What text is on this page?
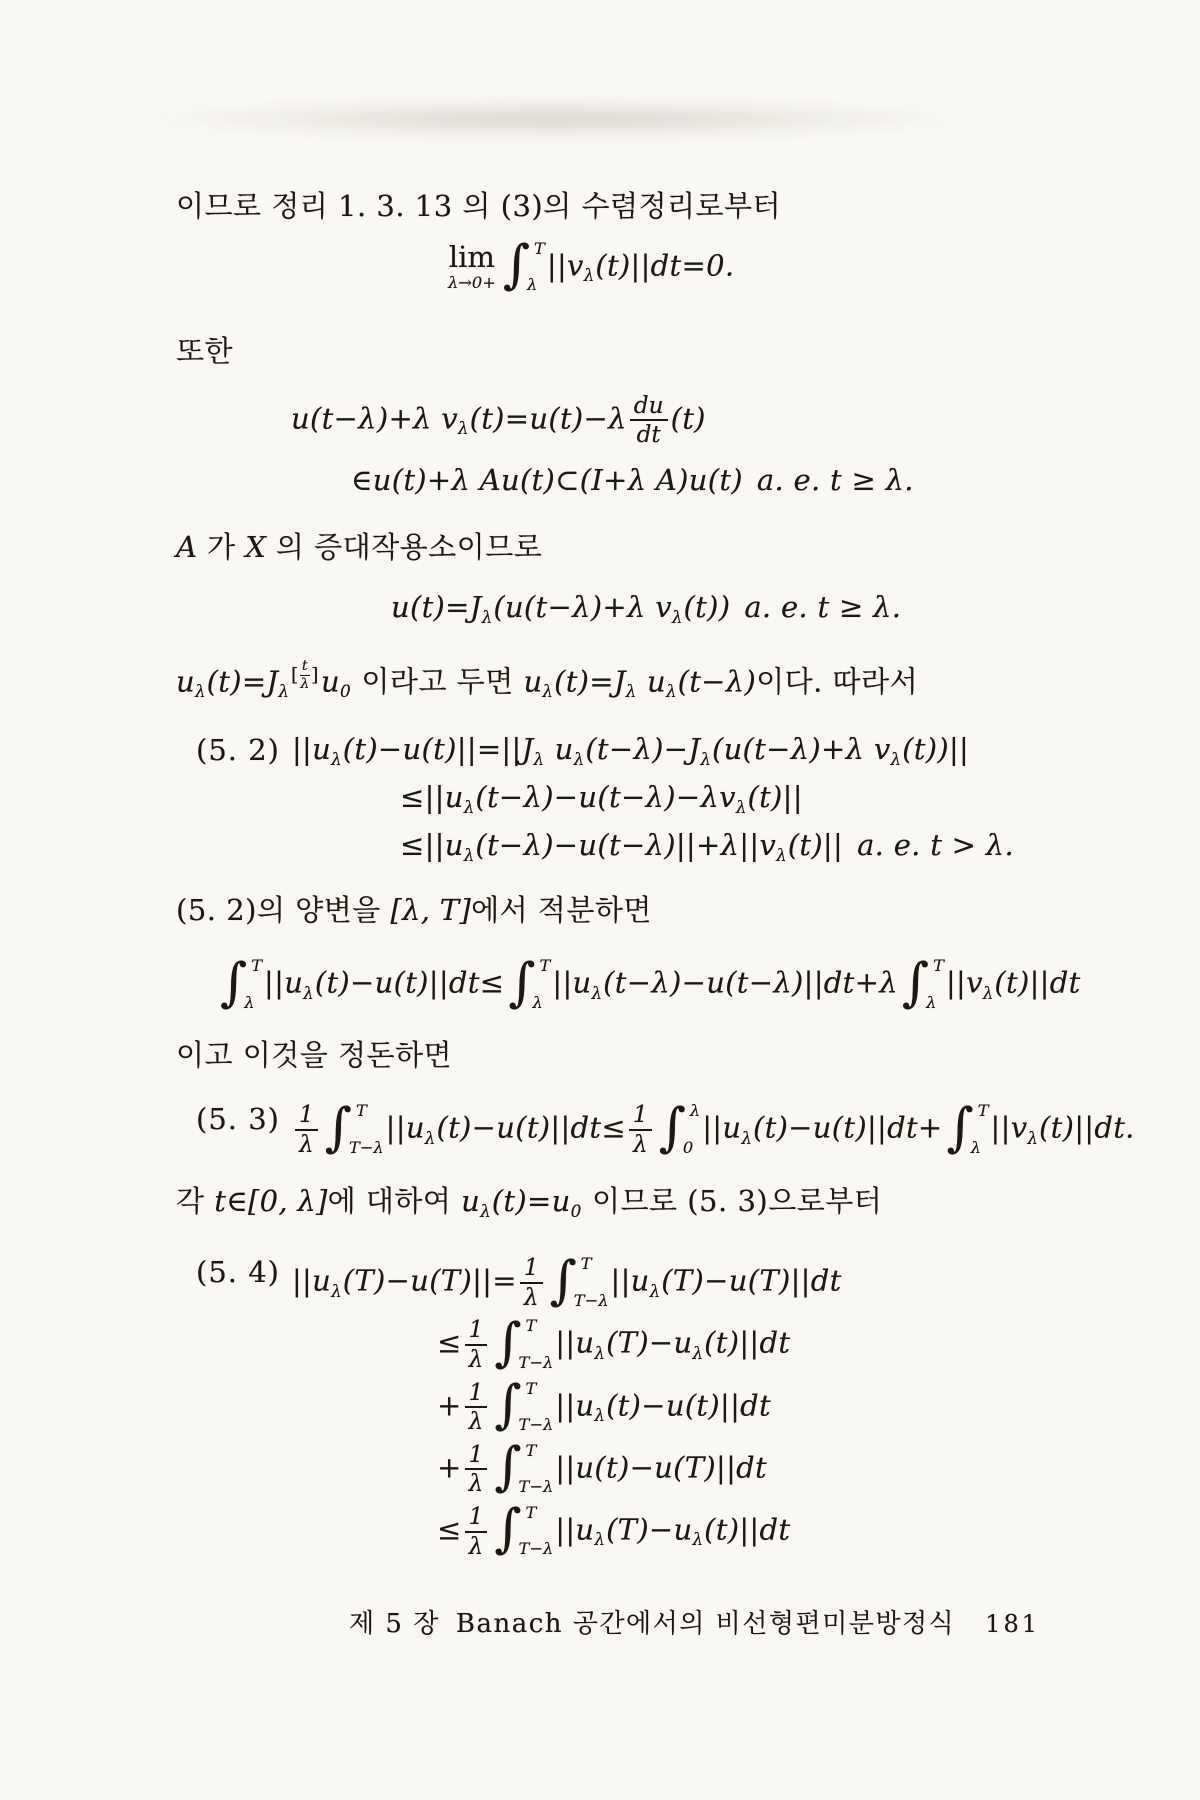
이므로 정리 1. 3. 13 의 (3)의 수렴정리로부터

lim
λ→0+ ∫ T
λ
$||v_\lambda(t)||dt=0$.

또한

u(t−λ)+λ $v_\lambda(t)=u(t)-\lambda \frac{du}{dt} (t)$
∈u(t)+λ Au(t)⊂(I+λ A)u(t) a. e. t ≥ λ.

A 가 X 의 증대작용소이므로

$u(t)=J_\lambda(u(t-\lambda)+\lambda$ $v_\lambda(t)$) a. e. t ≥ λ.

$u_\lambda(t)=J_\lambda$
[ $\frac{t}{\lambda}$ ] $u_0$ 이라고 두면 $u_\lambda(t)=J_\lambda$ $u_\lambda(t-\lambda)$이다. 따라서

(5. 2) $||u_\lambda(t)-u(t)||=||J_\lambda$ $u_\lambda(t-\lambda)-J_\lambda(u(t-\lambda)+\lambda$ $v_\lambda(t))||$
$\le||u_\lambda(t-\lambda)-u(t-\lambda)-\lambda v_\lambda(t)||$
$\le||u_\lambda(t-\lambda)-u(t-\lambda)||+\lambda||v_\lambda(t)||$ a. e. t > λ.

(5. 2)의 양변을 [λ, T]에서 적분하면

∫ T
λ
$||u_\lambda(t)-u(t)||dt\le$ ∫ T
λ
$||u_\lambda(t-\lambda)-u(t-\lambda)||dt+\lambda$ ∫ T
λ
$||v_\lambda(t)||dt$

이고 이것을 정돈하면

(5. $3) \frac{1}{\lambda}$ ∫ T
T−λ
$||u_\lambda(t)-u(t)||dt\le \frac{1}{\lambda}$ ∫ λ
0
$||u_\lambda(t)-u(t)||dt+$ ∫ T
λ
$||v_\lambda(t)||dt$.

각 t∈[0, λ]에 대하여 $u_\lambda(t)=u_0$ 이므로 (5. 3)으로부터

(5. 4) $||u_\lambda(T)-u(T)||= \frac{1}{\lambda}$ ∫ T
T−λ
$||u_\lambda(T)-u(T)||dt$
≤ $\frac{1}{\lambda}$ ∫ T
T−λ
$||u_\lambda(T)-u_\lambda(t)||dt$
+ $\frac{1}{\lambda}$ ∫ T
T−λ
$||u_\lambda(t)-u(t)||dt$
+ $\frac{1}{\lambda}$ ∫ T
T−λ
||u(t)−u(T)||dt
≤ $\frac{1}{\lambda}$ ∫ T
T−λ
$||u_\lambda(T)-u_\lambda(t)||dt$
제 5 장 Banach 공간에서의 비선형편미분방정식 181
